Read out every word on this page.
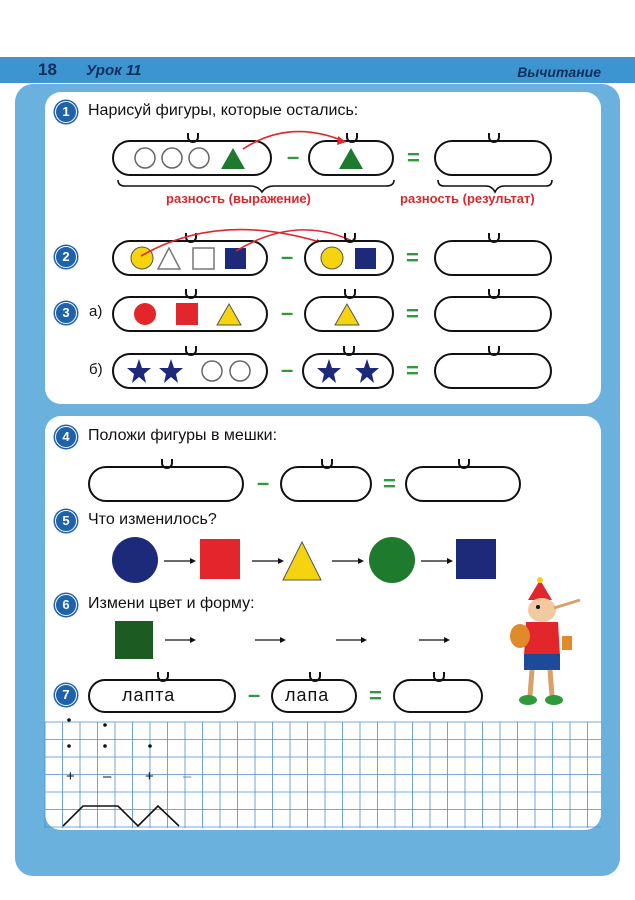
18 Урок 11	Вычитание
1	Нарисуй фигуры, которые остались:
–	=
разность (выражение)	разность (результат)
2	–	=
3	а)	–	=
б)	–	=
4	Положи фигуры в мешки:
–	=
5	Что изменилось?
6	Измени цвет и форму:
7	лапта	– лапа =
+ – + –
